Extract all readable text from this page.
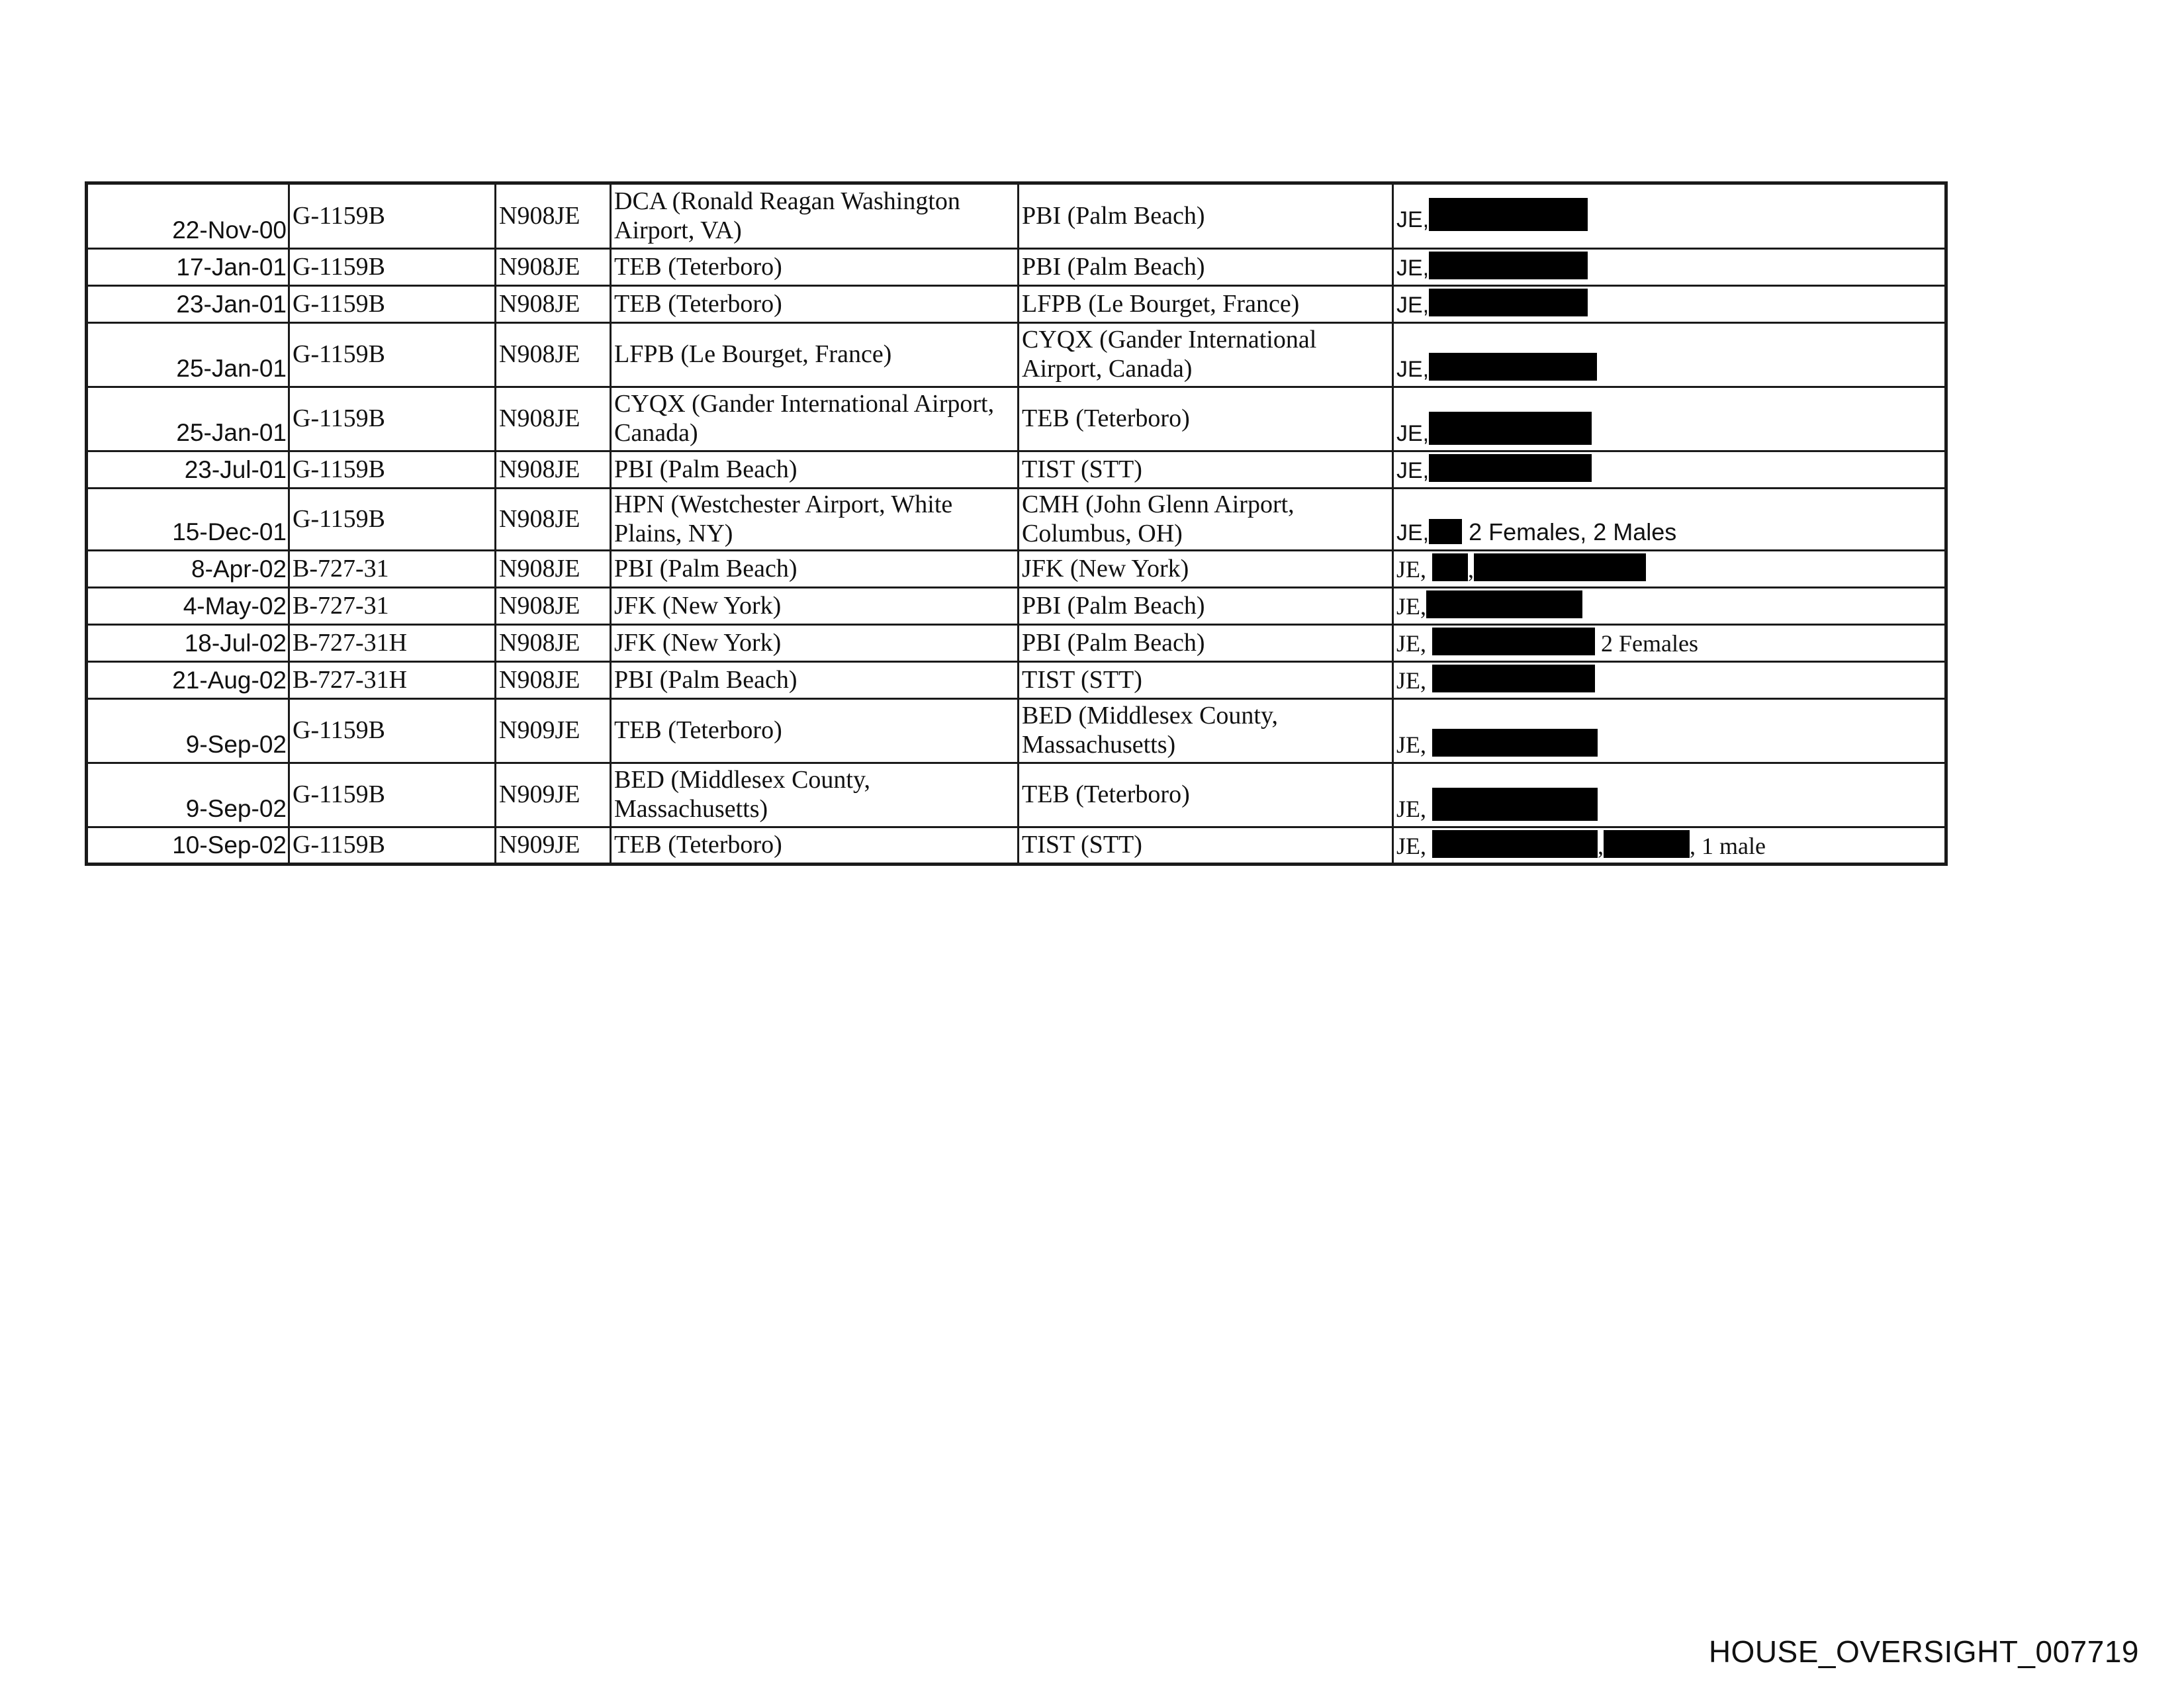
22-Nov-00	G-1159B	N908JE	DCA (Ronald Reagan Washington Airport, VA)	PBI (Palm Beach)	JE,
17-Jan-01	G-1159B	N908JE	TEB (Teterboro)	PBI (Palm Beach)	JE,
23-Jan-01	G-1159B	N908JE	TEB (Teterboro)	LFPB (Le Bourget, France)	JE,
25-Jan-01	G-1159B	N908JE	LFPB (Le Bourget, France)	CYQX (Gander International Airport, Canada)	JE,
25-Jan-01	G-1159B	N908JE	CYQX (Gander International Airport, Canada)	TEB (Teterboro)	JE,
23-Jul-01	G-1159B	N908JE	PBI (Palm Beach)	TIST (STT)	JE,
15-Dec-01	G-1159B	N908JE	HPN (Westchester Airport, White Plains, NY)	CMH (John Glenn Airport, Columbus, OH)	JE, 2 Females, 2 Males
8-Apr-02	B-727-31	N908JE	PBI (Palm Beach)	JFK (New York)	JE, ,
4-May-02	B-727-31	N908JE	JFK (New York)	PBI (Palm Beach)	JE,
18-Jul-02	B-727-31H	N908JE	JFK (New York)	PBI (Palm Beach)	JE, 2 Females
21-Aug-02	B-727-31H	N908JE	PBI (Palm Beach)	TIST (STT)	JE,
9-Sep-02	G-1159B	N909JE	TEB (Teterboro)	BED (Middlesex County, Massachusetts)	JE,
9-Sep-02	G-1159B	N909JE	BED (Middlesex County, Massachusetts)	TEB (Teterboro)	JE,
10-Sep-02	G-1159B	N909JE	TEB (Teterboro)	TIST (STT)	JE, , , 1 male
HOUSE_OVERSIGHT_007719
